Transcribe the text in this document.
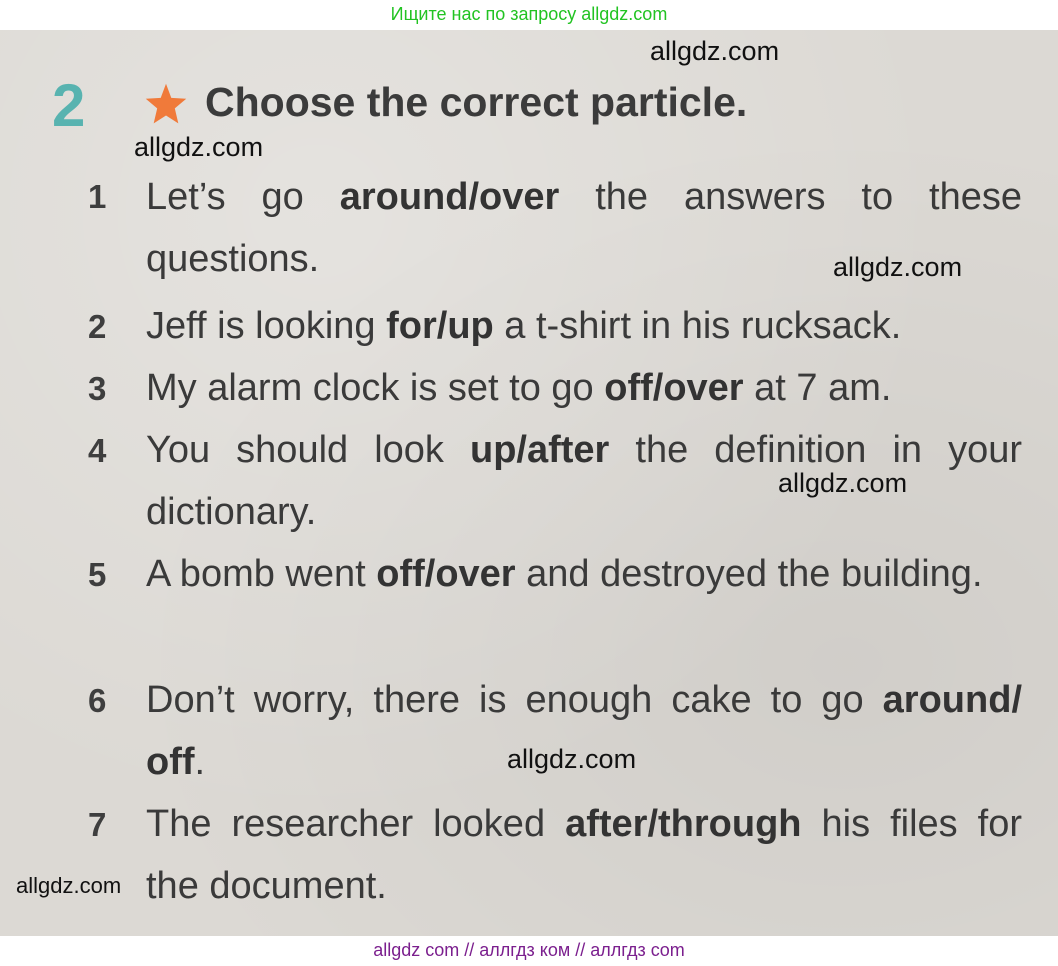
Ищите нас по запросу allgdz.com
2	Choose the correct particle.
1	Let’s go around/over the answers to these questions.
2	Jeff is looking for/up a t-shirt in his rucksack.
3	My alarm clock is set to go off/over at 7 am.
4	You should look up/after the definition in your dictionary.
5	A bomb went off/over and destroyed the building.
6	Don’t worry, there is enough cake to go around/ off.
7	The researcher looked after/through his files for the document.
allgdz.com
allgdz.com
allgdz.com
allgdz.com
allgdz.com
allgdz.com
allgdz com // аллгдз ком // аллгдз com
